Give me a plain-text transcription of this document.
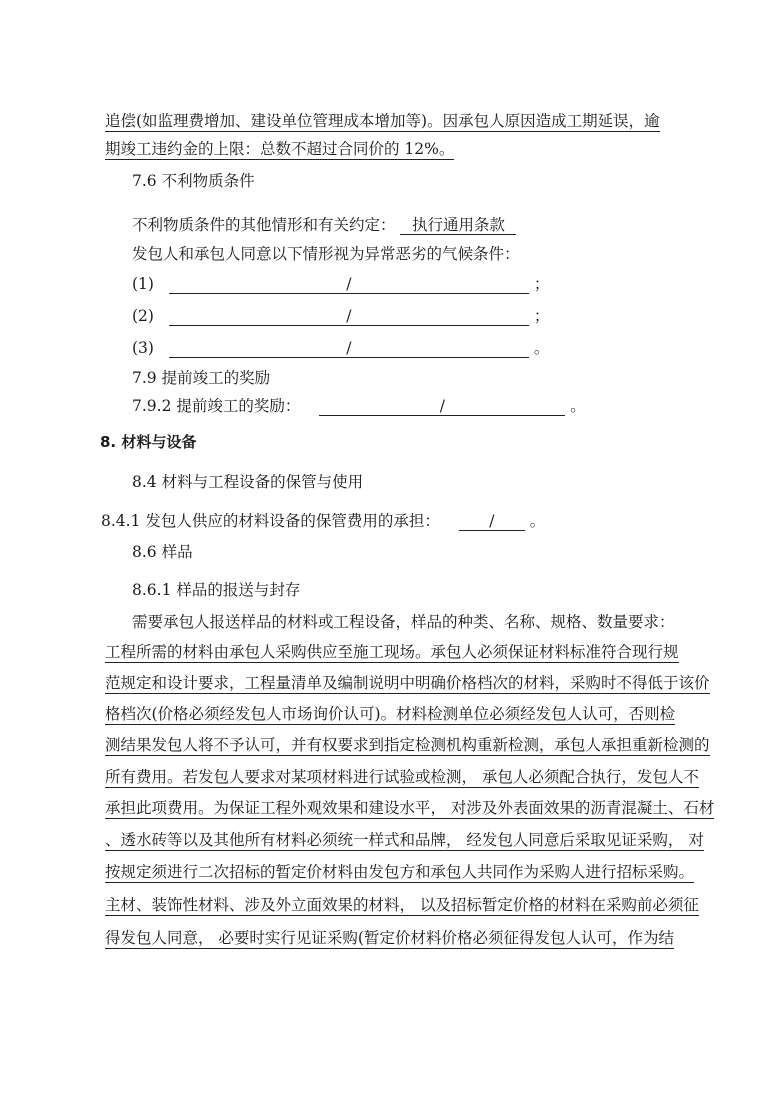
追偿(如监理费增加、建设单位管理成本增加等)。因承包人原因造成工期延误，逾
期竣工违约金的上限：总数不超过合同价的 12%。
7.6 不利物质条件
不利物质条件的其他情形和有关约定： 执行通用条款
发包人和承包人同意以下情形视为异常恶劣的气候条件：
(1)	/	；
(2)	/	；
(3)	/	。
7.9 提前竣工的奖励
7.9.2 提前竣工的奖励：	/	。
8. 材料与设备
8.4 材料与工程设备的保管与使用
8.4.1 发包人供应的材料设备的保管费用的承担：	/ 。
8.6 样品
8.6.1 样品的报送与封存
需要承包人报送样品的材料或工程设备，样品的种类、名称、规格、数量要求：
工程所需的材料由承包人采购供应至施工现场。承包人必须保证材料标准符合现行规
范规定和设计要求，工程量清单及编制说明中明确价格档次的材料，采购时不得低于该价
格档次(价格必须经发包人市场询价认可)。材料检测单位必须经发包人认可，否则检
测结果发包人将不予认可，并有权要求到指定检测机构重新检测，承包人承担重新检测的
所有费用。若发包人要求对某项材料进行试验或检测， 承包人必须配合执行，发包人不
承担此项费用。为保证工程外观效果和建设水平， 对涉及外表面效果的沥青混凝土、石材
、透水砖等以及其他所有材料必须统一样式和品牌， 经发包人同意后采取见证采购， 对
按规定须进行二次招标的暂定价材料由发包方和承包人共同作为采购人进行招标采购。
主材、装饰性材料、涉及外立面效果的材料， 以及招标暂定价格的材料在采购前必须征
得发包人同意， 必要时实行见证采购(暂定价材料价格必须征得发包人认可，作为结
